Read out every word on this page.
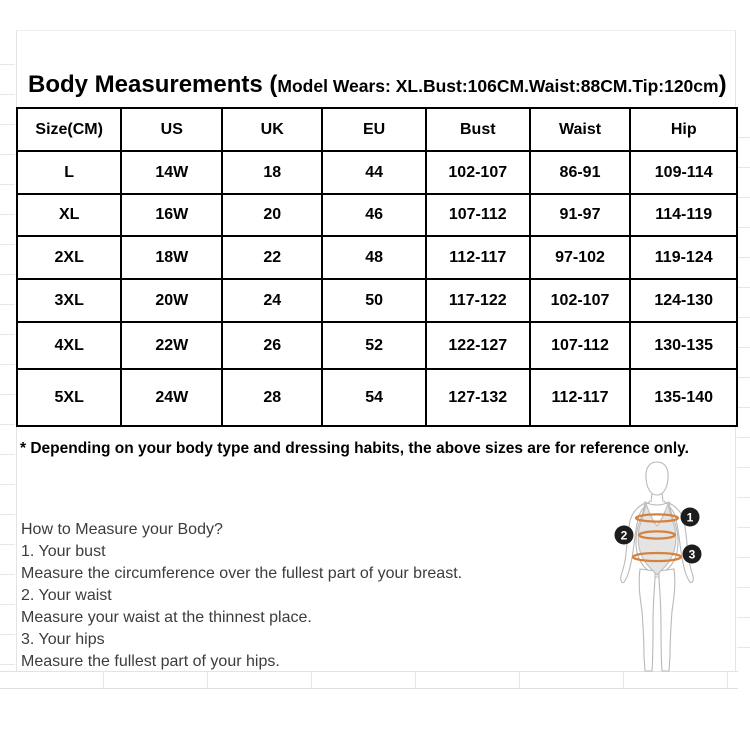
Body Measurements (Model Wears: XL.Bust:106CM.Waist:88CM.Tip:120cm)
Size(CM)	US	UK	EU	Bust	Waist	Hip
L	14W	18	44	102-107	86-91	109-114
XL	16W	20	46	107-112	91-97	114-119
2XL	18W	22	48	112-117	97-102	119-124
3XL	20W	24	50	117-122	102-107	124-130
4XL	22W	26	52	122-127	107-112	130-135
5XL	24W	28	54	127-132	112-117	135-140

* Depending on your body type and dressing habits, the above sizes are for reference only.

How to Measure your Body?
1. Your bust
Measure the circumference over the fullest part of your breast.
2. Your waist
Measure your waist at the thinnest place.
3. Your hips
Measure the fullest part of your hips.
1
2
3
